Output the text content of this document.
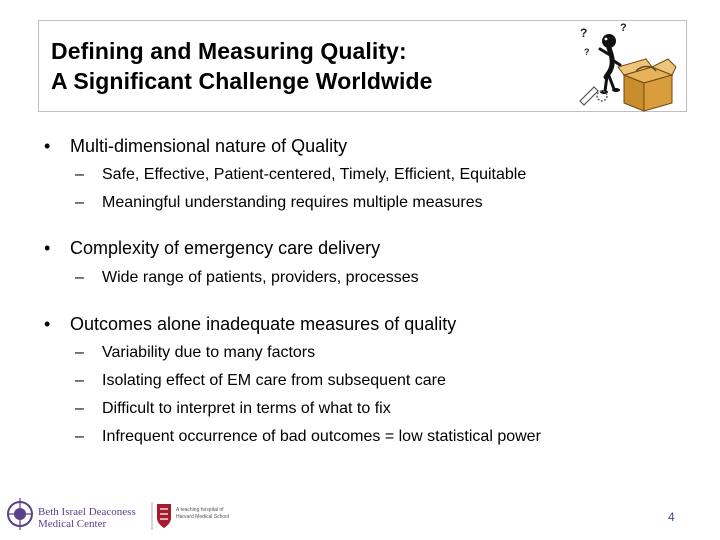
Defining and Measuring Quality:
A Significant Challenge Worldwide
?	?
?
• Multi-dimensional nature of Quality
– Safe, Effective, Patient-centered, Timely, Efficient, Equitable
– Meaningful understanding requires multiple measures
• Complexity of emergency care delivery
– Wide range of patients, providers, processes
• Outcomes alone inadequate measures of quality
– Variability due to many factors
– Isolating effect of EM care from subsequent care
– Difficult to interpret in terms of what to fix
– Infrequent occurrence of bad outcomes = low statistical power
Beth Israel Deaconess
Medical Center
A teaching hospital of
Harvard Medical School	4
